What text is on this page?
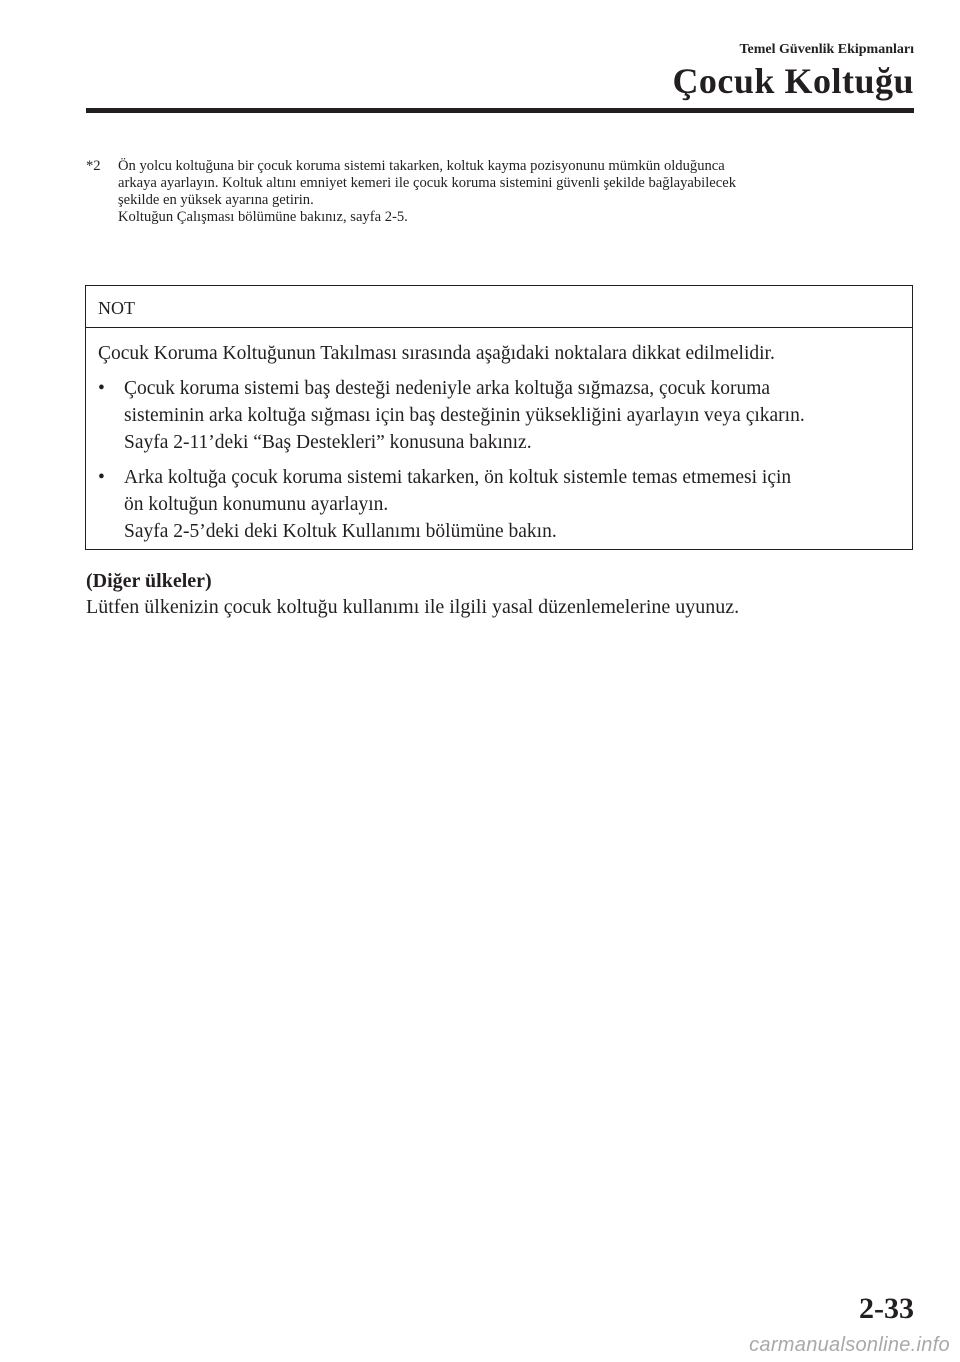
Temel Güvenlik Ekipmanları
Çocuk Koltuğu
*2 Ön yolcu koltuğuna bir çocuk koruma sistemi takarken, koltuk kayma pozisyonunu mümkün olduğunca
arkaya ayarlayın. Koltuk altını emniyet kemeri ile çocuk koruma sistemini güvenli şekilde bağlayabilecek
şekilde en yüksek ayarına getirin.
Koltuğun Çalışması bölümüne bakınız, sayfa 2-5.
NOT
Çocuk Koruma Koltuğunun Takılması sırasında aşağıdaki noktalara dikkat edilmelidir.
• Çocuk koruma sistemi baş desteği nedeniyle arka koltuğa sığmazsa, çocuk koruma
sisteminin arka koltuğa sığması için baş desteğinin yüksekliğini ayarlayın veya çıkarın.
Sayfa 2-11’deki “Baş Destekleri” konusuna bakınız.
• Arka koltuğa çocuk koruma sistemi takarken, ön koltuk sistemle temas etmemesi için
ön koltuğun konumunu ayarlayın.
Sayfa 2-5’deki deki Koltuk Kullanımı bölümüne bakın.
(Diğer ülkeler)
Lütfen ülkenizin çocuk koltuğu kullanımı ile ilgili yasal düzenlemelerine uyunuz.
2-33
carmanualsonline.info
